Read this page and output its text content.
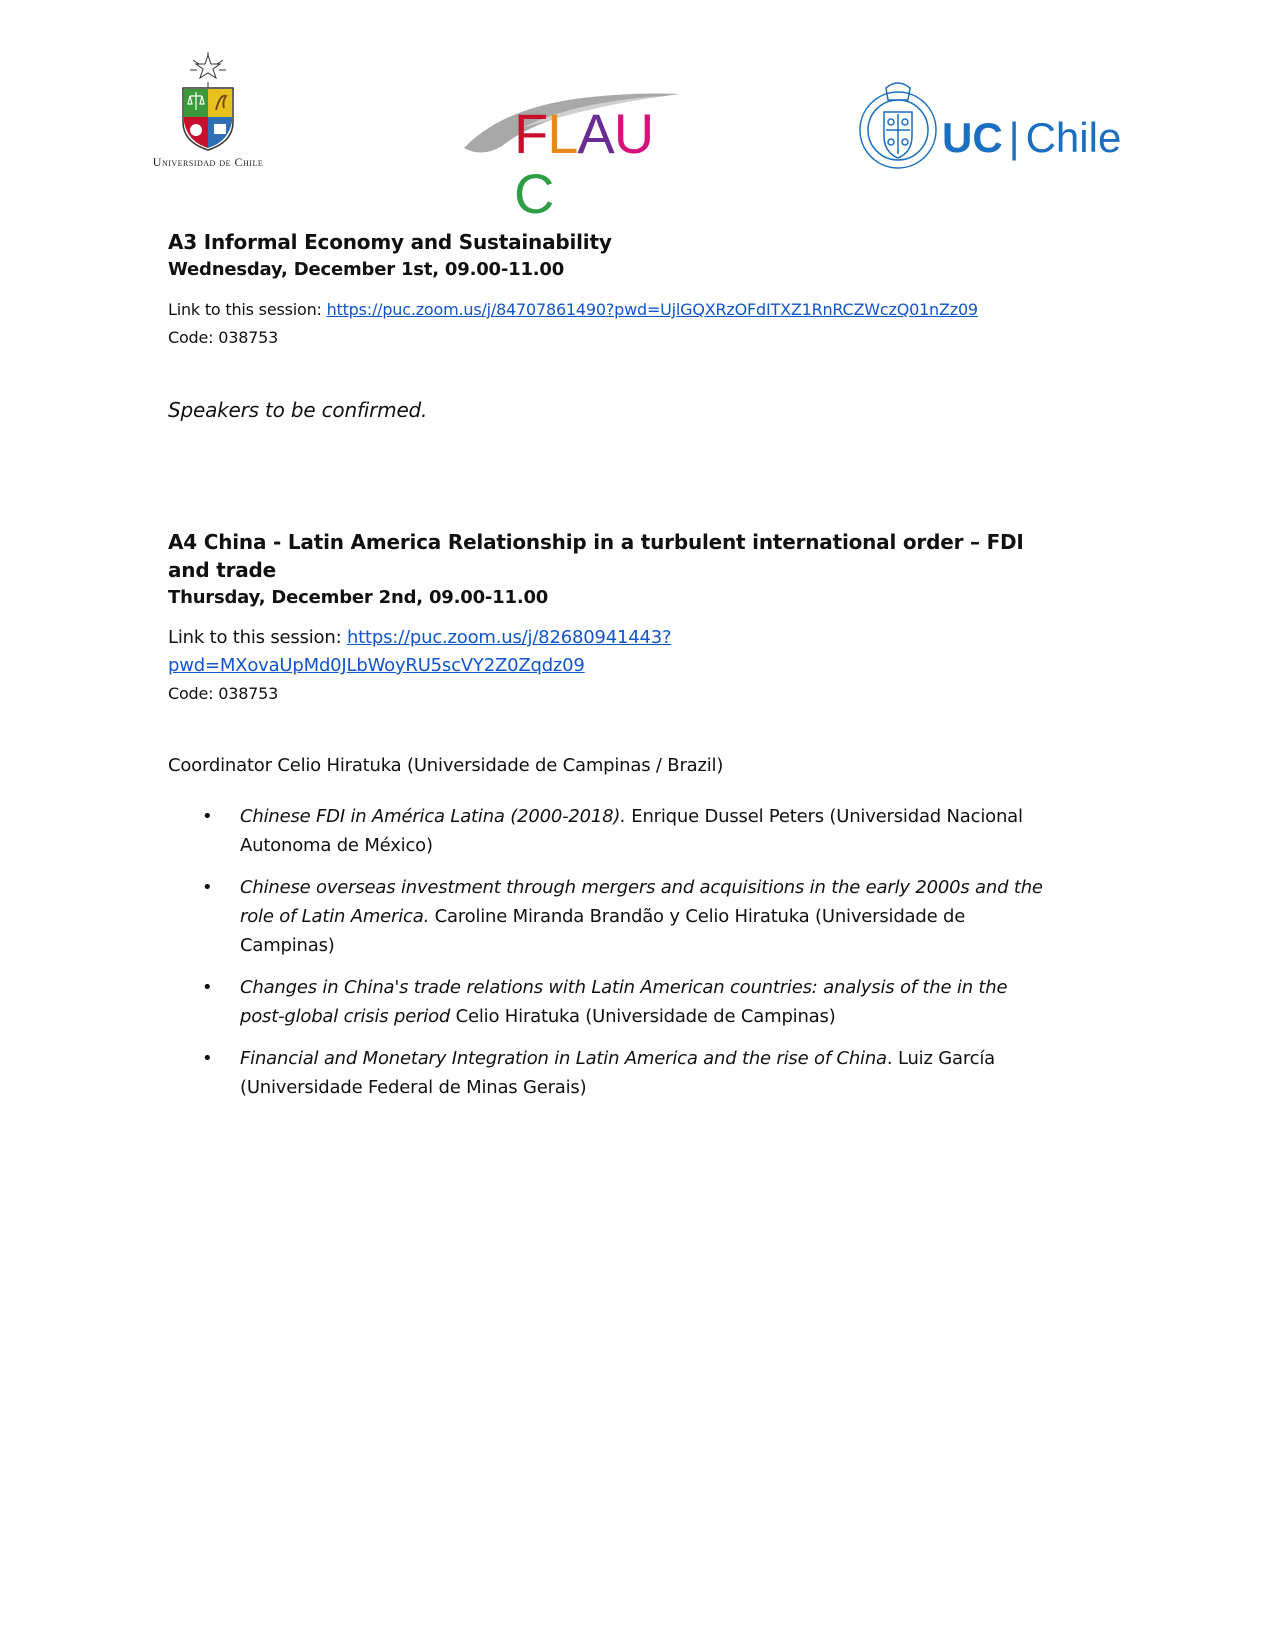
Universidad de Chile	FLAUC
UC | Chile

A3 Informal Economy and Sustainability

Wednesday, December 1st, 09.00-11.00

Link to this session: https://puc.zoom.us/j/84707861490?pwd=UjlGQXRzOFdITXZ1RnRCZWczQ01nZz09

Code: 038753

Speakers to be confirmed.

A4 China - Latin America Relationship in a turbulent international order – FDI and trade

Thursday, December 2nd, 09.00-11.00

Link to this session: https://puc.zoom.us/j/82680941443?pwd=MXovaUpMd0JLbWoyRU5scVY2Z0Zqdz09

Code: 038753

Coordinator Celio Hiratuka (Universidade de Campinas / Brazil)

• Chinese FDI in América Latina (2000-2018). Enrique Dussel Peters (Universidad Nacional Autonoma de México)
• Chinese overseas investment through mergers and acquisitions in the early 2000s and the role of Latin America. Caroline Miranda Brandão y Celio Hiratuka (Universidade de Campinas)
• Changes in China's trade relations with Latin American countries: analysis of the in the post-global crisis period Celio Hiratuka (Universidade de Campinas)
• Financial and Monetary Integration in Latin America and the rise of China. Luiz García (Universidade Federal de Minas Gerais)
